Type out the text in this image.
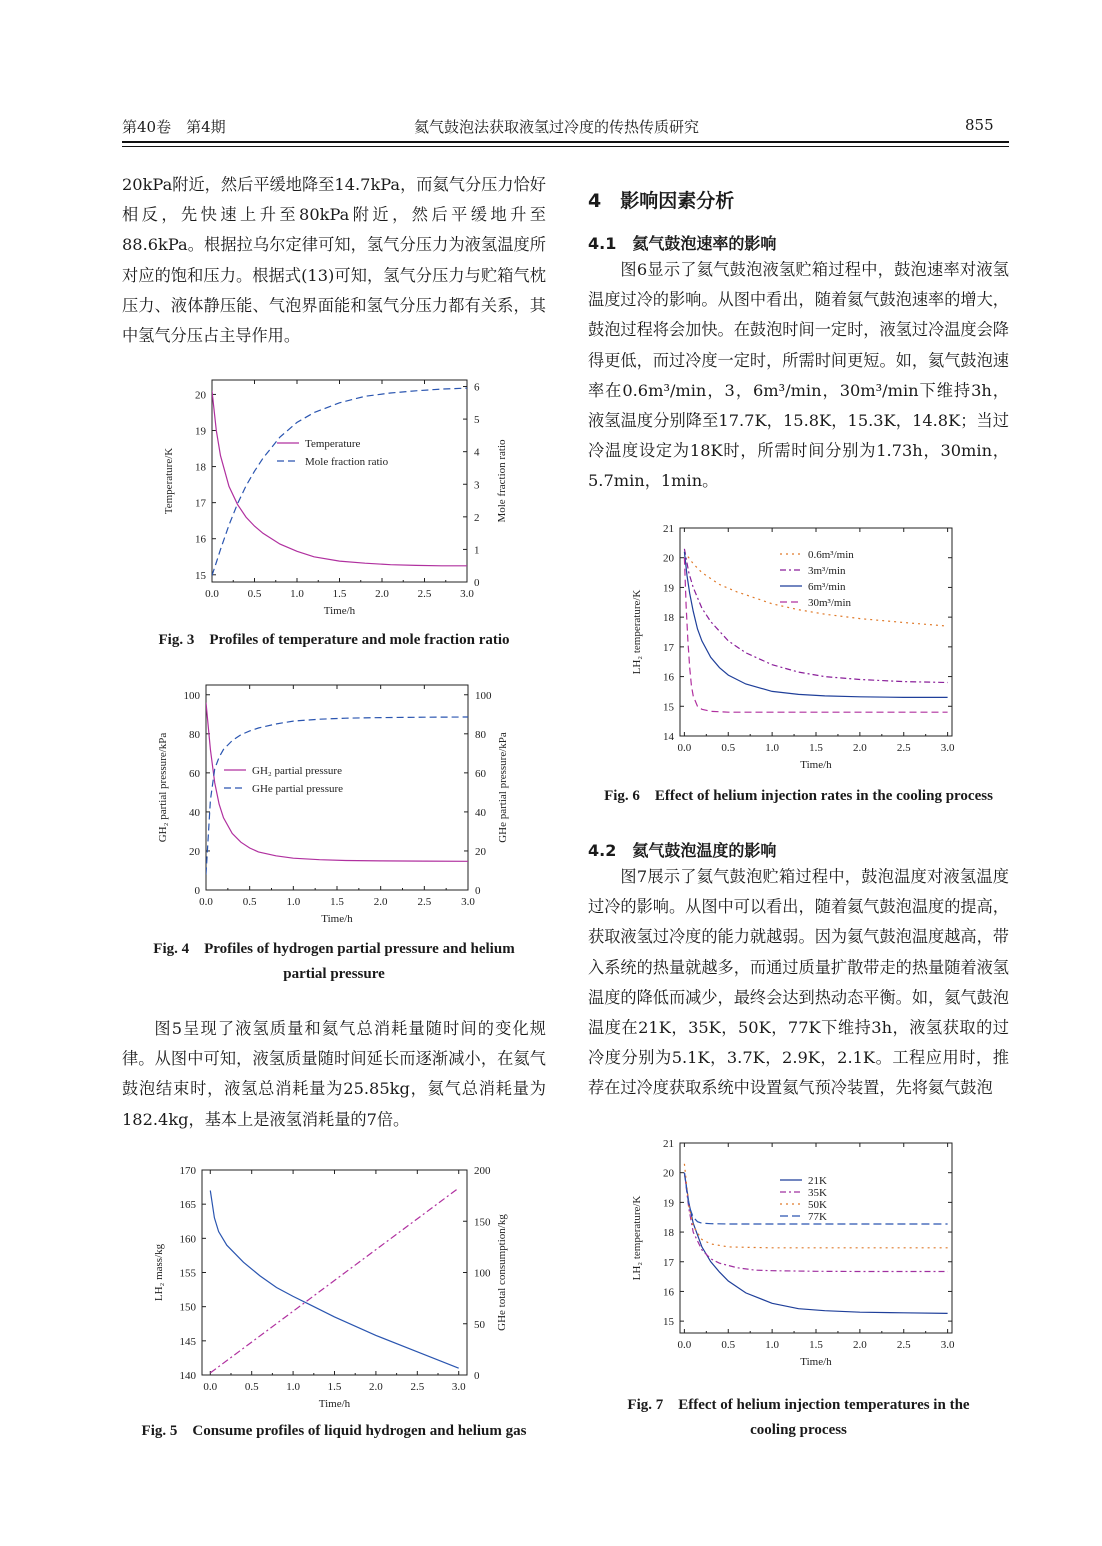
第40卷　第4期	氦气鼓泡法获取液氢过冷度的传热传质研究	855
20kPa附近，然后平缓地降至14.7kPa，而氦气分压力恰好相反，先快速上升至80kPa附近，然后平缓地升至88.6kPa。根据拉乌尔定律可知，氢气分压力为液氢温度所对应的饱和压力。根据式(13)可知，氢气分压力与贮箱气枕压力、液体静压能、气泡界面能和氢气分压力都有关系，其中氢气分压占主导作用。
0.0	0.5	1.0	1.5	2.0	2.5	3.0
15
16
17
18
19
20
0
1
2
3
4
5
6
Time/h
Temperature/K	Mole fraction ratio
Temperature
Mole fraction ratio
Fig. 3　Profiles of temperature and mole fraction ratio
0.0	0.5	1.0	1.5	2.0	2.5	3.0
0
20
40
60
80
100
0
20
40
60
80
100
Time/h
GH₂ partial pressure/kPa	GHe partial pressure/kPa
GH₂ partial pressure
GHe partial pressure
Fig. 4　Profiles of hydrogen partial pressure and helium
partial pressure
图5呈现了液氢质量和氦气总消耗量随时间的变化规律。从图中可知，液氢质量随时间延长而逐渐减小，在氦气鼓泡结束时，液氢总消耗量为25.85kg，氦气总消耗量为182.4kg，基本上是液氢消耗量的7倍。
0.0	0.5	1.0	1.5	2.0	2.5	3.0
140
145
150
155
160
165
170
0
50
100
150
200
Time/h
LH₂ mass/kg	GHe total consumption/kg
Fig. 5　Consume profiles of liquid hydrogen and helium gas
4　影响因素分析
4.1　氦气鼓泡速率的影响
图6显示了氦气鼓泡液氢贮箱过程中，鼓泡速率对液氢温度过冷的影响。从图中看出，随着氦气鼓泡速率的增大，鼓泡过程将会加快。在鼓泡时间一定时，液氢过冷温度会降得更低，而过冷度一定时，所需时间更短。如，氦气鼓泡速率在0.6m³/min，3，6m³/min，30m³/min下维持3h，液氢温度分别降至17.7K，15.8K，15.3K，14.8K；当过冷温度设定为18K时，所需时间分别为1.73h，30min，5.7min，1min。
0.0	0.5	1.0	1.5	2.0	2.5	3.0
14
15
16
17
18
19
20
21
Time/h
LH₂ temperature/K
0.6m³/min
3m³/min
6m³/min
30m³/min
Fig. 6　Effect of helium injection rates in the cooling process
4.2　氦气鼓泡温度的影响
图7展示了氦气鼓泡贮箱过程中，鼓泡温度对液氢温度过冷的影响。从图中可以看出，随着氦气鼓泡温度的提高，获取液氢过冷度的能力就越弱。因为氦气鼓泡温度越高，带入系统的热量就越多，而通过质量扩散带走的热量随着液氢温度的降低而减少，最终会达到热动态平衡。如，氦气鼓泡温度在21K，35K，50K，77K下维持3h，液氢获取的过冷度分别为5.1K，3.7K，2.9K，2.1K。工程应用时，推荐在过冷度获取系统中设置氦气预冷装置，先将氦气鼓泡
0.0	0.5	1.0	1.5	2.0	2.5	3.0
15
16
17
18
19
20
21
Time/h
LH₂ temperature/K
21K
35K
50K
77K
Fig. 7　Effect of helium injection temperatures in the
cooling process
